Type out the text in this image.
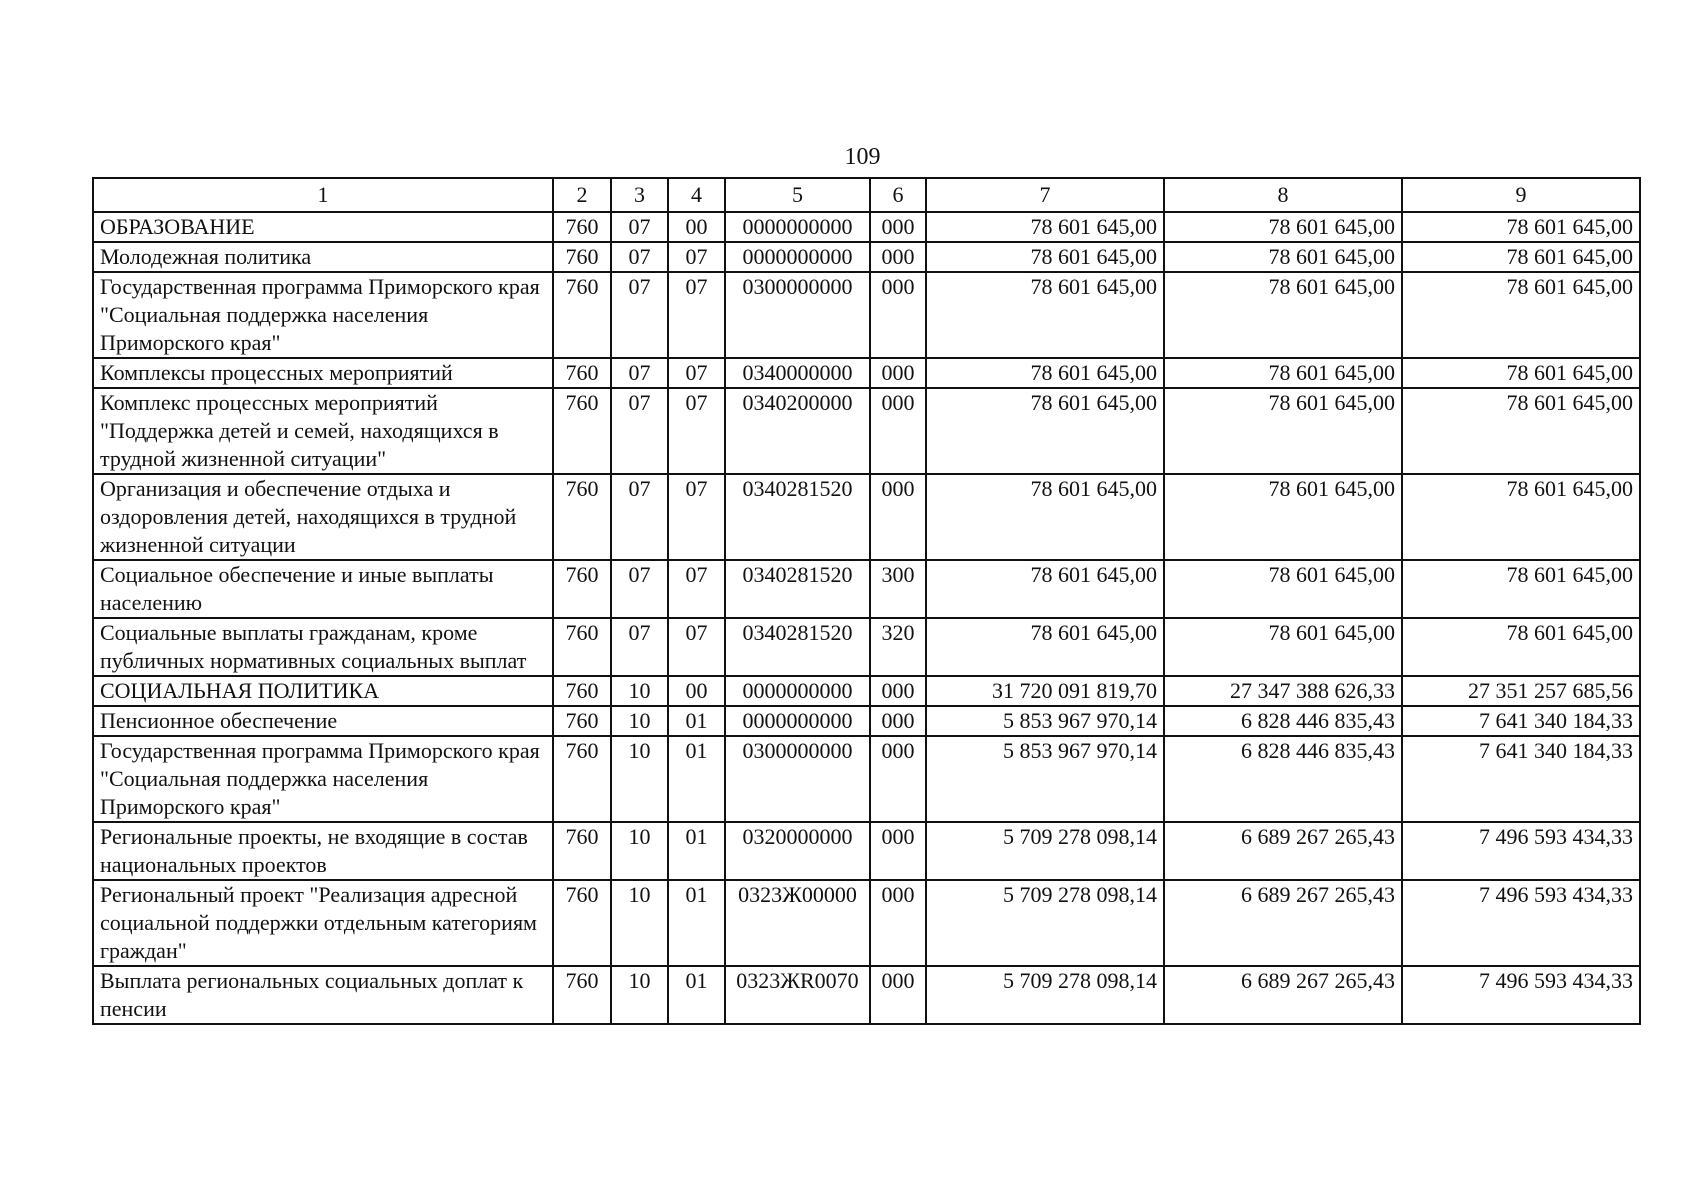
109
1	2	3	4	5	6	7	8	9
ОБРАЗОВАНИЕ	760	07	00	0000000000	000	78 601 645,00	78 601 645,00	78 601 645,00
Молодежная политика	760	07	07	0000000000	000	78 601 645,00	78 601 645,00	78 601 645,00
Государственная программа Приморского края "Социальная поддержка населения Приморского края"	760	07	07	0300000000	000	78 601 645,00	78 601 645,00	78 601 645,00
Комплексы процессных мероприятий	760	07	07	0340000000	000	78 601 645,00	78 601 645,00	78 601 645,00
Комплекс процессных мероприятий "Поддержка детей и семей, находящихся в трудной жизненной ситуации"	760	07	07	0340200000	000	78 601 645,00	78 601 645,00	78 601 645,00
Организация и обеспечение отдыха и оздоровления детей, находящихся в трудной жизненной ситуации	760	07	07	0340281520	000	78 601 645,00	78 601 645,00	78 601 645,00
Социальное обеспечение и иные выплаты населению	760	07	07	0340281520	300	78 601 645,00	78 601 645,00	78 601 645,00
Социальные выплаты гражданам, кроме публичных нормативных социальных выплат	760	07	07	0340281520	320	78 601 645,00	78 601 645,00	78 601 645,00
СОЦИАЛЬНАЯ ПОЛИТИКА	760	10	00	0000000000	000	31 720 091 819,70	27 347 388 626,33	27 351 257 685,56
Пенсионное обеспечение	760	10	01	0000000000	000	5 853 967 970,14	6 828 446 835,43	7 641 340 184,33
Государственная программа Приморского края "Социальная поддержка населения Приморского края"	760	10	01	0300000000	000	5 853 967 970,14	6 828 446 835,43	7 641 340 184,33
Региональные проекты, не входящие в состав национальных проектов	760	10	01	0320000000	000	5 709 278 098,14	6 689 267 265,43	7 496 593 434,33
Региональный проект "Реализация адресной социальной поддержки отдельным категориям граждан"	760	10	01	0323Ж00000	000	5 709 278 098,14	6 689 267 265,43	7 496 593 434,33
Выплата региональных социальных доплат к пенсии	760	10	01	0323ЖR0070	000	5 709 278 098,14	6 689 267 265,43	7 496 593 434,33
